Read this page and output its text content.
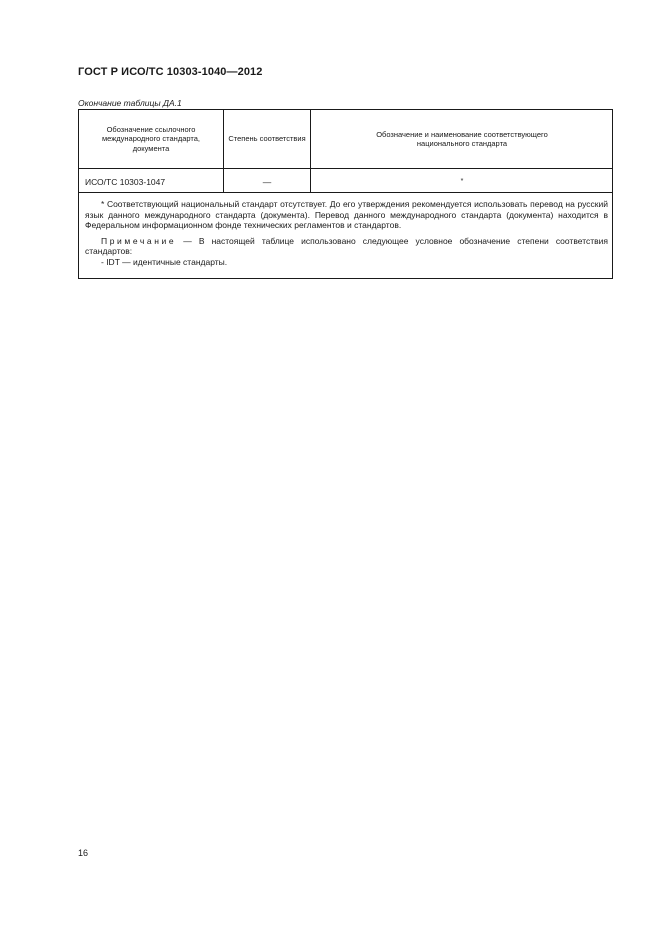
ГОСТ Р ИСО/ТС 10303-1040—2012
Окончание таблицы ДА.1
Обозначение ссылочного международного стандарта, документа
Степень соответствия
Обозначение и наименование соответствующего национального стандарта
ИСО/ТС 10303-1047	—	*

* Соответствующий национальный стандарт отсутствует. До его утверждения рекомендуется использовать перевод на русский язык данного международного стандарта (документа). Перевод данного международного стандарта (документа) находится в Федеральном информационном фонде технических регламентов и стандартов.

Примечание — В настоящей таблице использовано следующее условное обозначение степени соответствия стандартов:
- IDT — идентичные стандарты.

16
